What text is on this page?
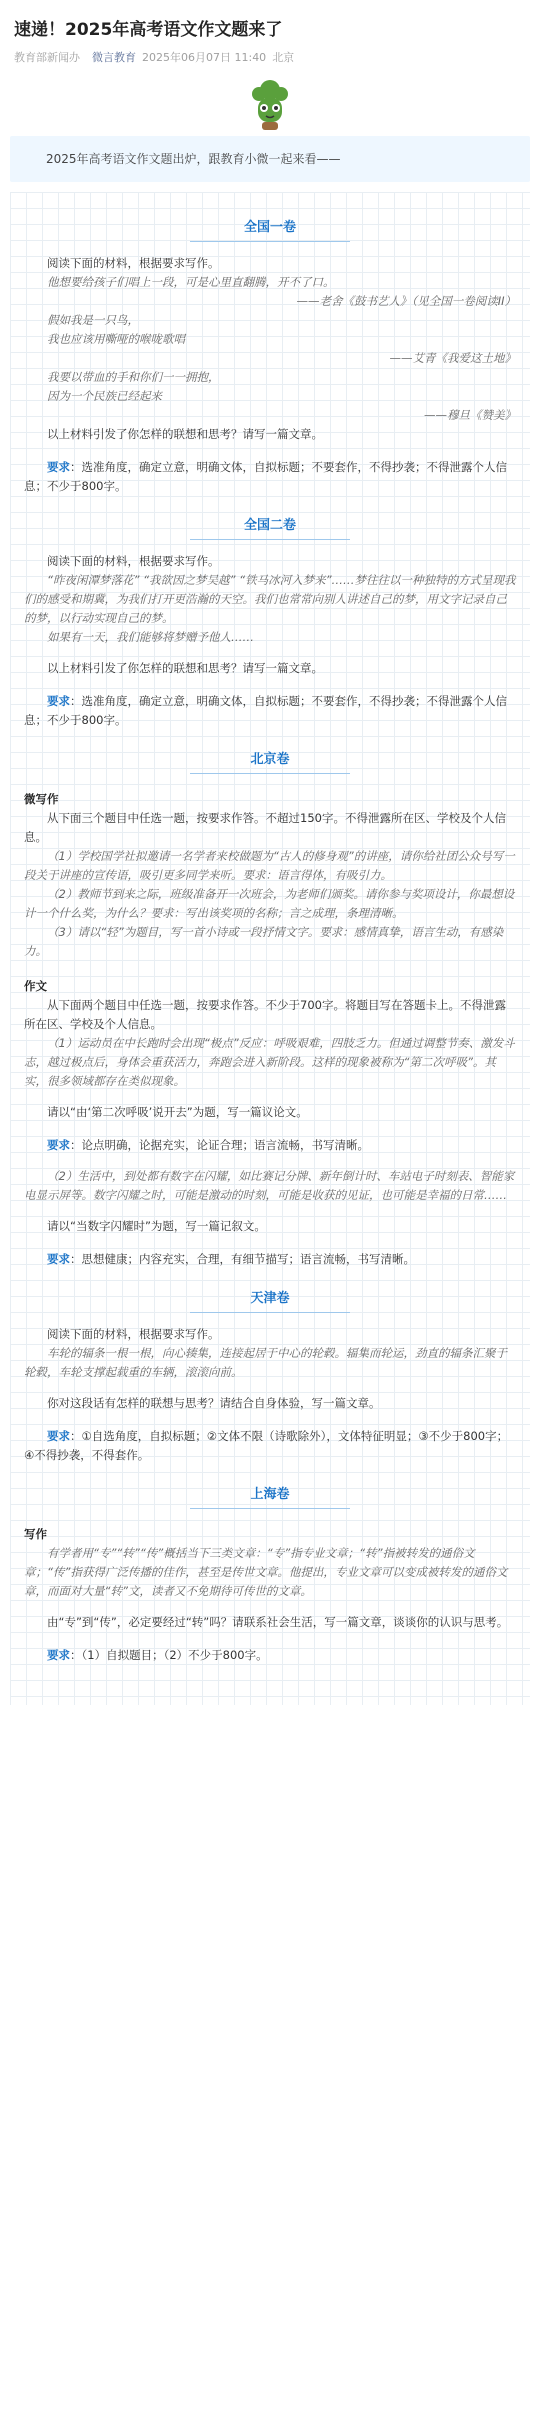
速递！2025年高考语文作文题来了
教育部新闻办 微言教育 2025年06月07日 11:40 北京
2025年高考语文作文题出炉，跟教育小微一起来看——
全国一卷

阅读下面的材料，根据要求写作。

他想要给孩子们唱上一段，可是心里直翻腾，开不了口。

——老舍《鼓书艺人》（见全国一卷阅读II）

假如我是一只鸟，

我也应该用嘶哑的喉咙歌唱

——艾青《我爱这土地》

我要以带血的手和你们一一拥抱，

因为一个民族已经起来

——穆旦《赞美》

以上材料引发了你怎样的联想和思考？请写一篇文章。

要求：选准角度，确定立意，明确文体，自拟标题；不要套作，不得抄袭；不得泄露个人信息；不少于800字。

全国二卷

阅读下面的材料，根据要求写作。

“昨夜闲潭梦落花” “我欲因之梦吴越” “铁马冰河入梦来”……梦往往以一种独特的方式呈现我们的感受和期冀，为我们打开更浩瀚的天空。我们也常常向别人讲述自己的梦，用文字记录自己的梦，以行动实现自己的梦。

如果有一天，我们能够将梦赠予他人……

以上材料引发了你怎样的联想和思考？请写一篇文章。

要求：选准角度，确定立意，明确文体，自拟标题；不要套作，不得抄袭；不得泄露个人信息；不少于800字。

北京卷

微写作

从下面三个题目中任选一题，按要求作答。不超过150字。不得泄露所在区、学校及个人信息。

（1）学校国学社拟邀请一名学者来校做题为“古人的修身观”的讲座，请你给社团公众号写一段关于讲座的宣传语，吸引更多同学来听。要求：语言得体，有吸引力。

（2）教师节到来之际，班级准备开一次班会，为老师们颁奖。请你参与奖项设计，你最想设计一个什么奖，为什么？要求：写出该奖项的名称；言之成理，条理清晰。

（3）请以“轻”为题目，写一首小诗或一段抒情文字。要求：感情真挚，语言生动，有感染力。

作文

从下面两个题目中任选一题，按要求作答。不少于700字。将题目写在答题卡上。不得泄露所在区、学校及个人信息。

（1）运动员在中长跑时会出现“极点”反应：呼吸艰难，四肢乏力。但通过调整节奏、激发斗志，越过极点后，身体会重获活力，奔跑会进入新阶段。这样的现象被称为“第二次呼吸”。其实，很多领域都存在类似现象。

请以“由‘第二次呼吸’说开去”为题，写一篇议论文。

要求：论点明确，论据充实，论证合理；语言流畅，书写清晰。

（2）生活中，到处都有数字在闪耀，如比赛记分牌、新年倒计时、车站电子时刻表、智能家电显示屏等。数字闪耀之时，可能是激动的时刻，可能是收获的见证，也可能是幸福的日常……

请以“当数字闪耀时”为题，写一篇记叙文。

要求：思想健康；内容充实，合理，有细节描写；语言流畅，书写清晰。

天津卷

阅读下面的材料，根据要求写作。

车轮的辐条一根一根，向心辏集，连接起居于中心的轮毂。辐集而轮运，劲直的辐条汇聚于轮毂，车轮支撑起载重的车辆，滚滚向前。

你对这段话有怎样的联想与思考？请结合自身体验，写一篇文章。

要求：①自选角度，自拟标题；②文体不限（诗歌除外），文体特征明显；③不少于800字；④不得抄袭，不得套作。

上海卷

写作

有学者用“专”“转”“传”概括当下三类文章：“专”指专业文章；“转”指被转发的通俗文章；“传”指获得广泛传播的佳作，甚至是传世文章。他提出，专业文章可以变成被转发的通俗文章，而面对大量“转”文，读者又不免期待可传世的文章。

由“专”到“传”，必定要经过“转”吗？请联系社会生活，写一篇文章，谈谈你的认识与思考。

要求：（1）自拟题目；（2）不少于800字。
